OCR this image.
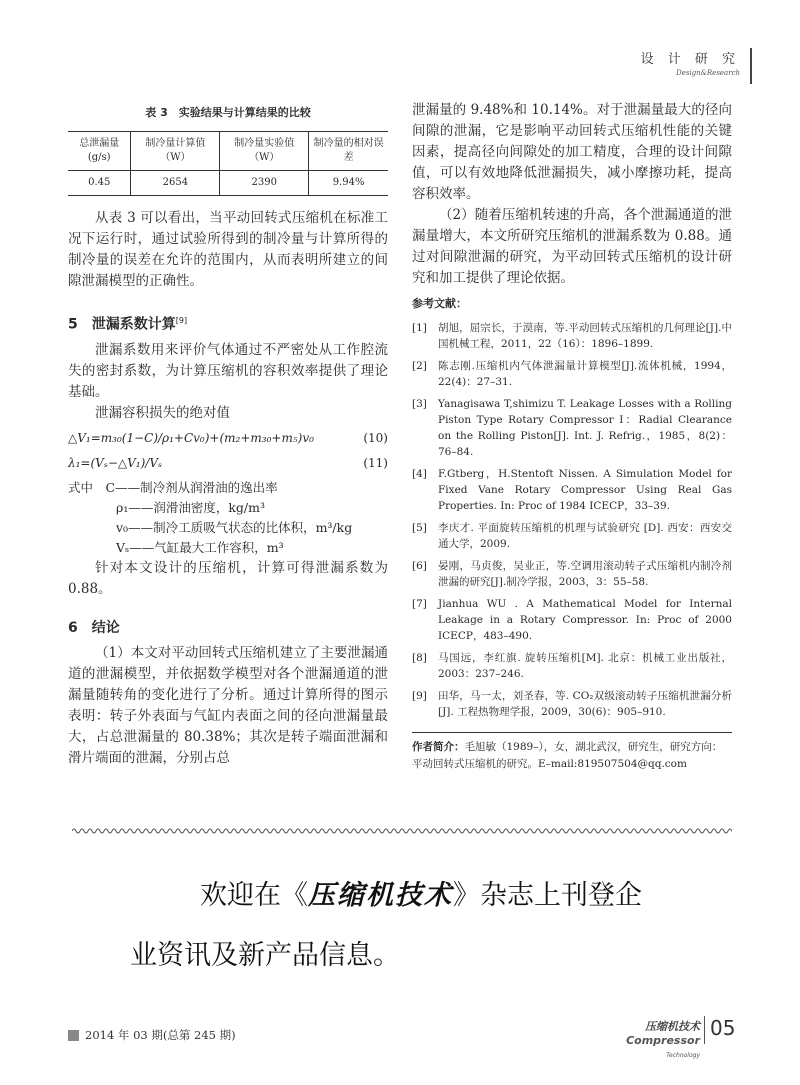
设 计 研 究
Design&Research
表 3　实验结果与计算结果的比较
总泄漏量(g/s)	制冷量计算值（W）	制冷量实验值（W）	制冷量的相对误差
0.45	2654	2390	9.94%

从表 3 可以看出，当平动回转式压缩机在标准工况下运行时，通过试验所得到的制冷量与计算所得的制冷量的误差在允许的范围内，从而表明所建立的间隙泄漏模型的正确性。

5　泄漏系数计算[9]

泄漏系数用来评价气体通过不严密处从工作腔流失的密封系数，为计算压缩机的容积效率提供了理论基础。

泄漏容积损失的绝对值

△V₁=m₃₀(1−C)/ρ₁+Cv₀)+(m₂+m₃₀+m₅)v₀	(10)
λ₁=(Vₛ−△V₁)/Vₛ	(11)
式中　C——制冷剂从润滑油的逸出率
ρ₁——润滑油密度，kg/m³
v₀——制冷工质吸气状态的比体积，m³/kg
Vₛ——气缸最大工作容积，m³

针对本文设计的压缩机，计算可得泄漏系数为 0.88。

6　结论

（1）本文对平动回转式压缩机建立了主要泄漏通道的泄漏模型，并依据数学模型对各个泄漏通道的泄漏量随转角的变化进行了分析。通过计算所得的图示表明：转子外表面与气缸内表面之间的径向泄漏量最大，占总泄漏量的 80.38%；其次是转子端面泄漏和滑片端面的泄漏，分别占总

泄漏量的 9.48%和 10.14%。对于泄漏量最大的径向间隙的泄漏，它是影响平动回转式压缩机性能的关键因素，提高径向间隙处的加工精度，合理的设计间隙值，可以有效地降低泄漏损失，减小摩擦功耗，提高容积效率。

（2）随着压缩机转速的升高，各个泄漏通道的泄漏量增大，本文所研究压缩机的泄漏系数为 0.88。通过对间隙泄漏的研究，为平动回转式压缩机的设计研究和加工提供了理论依据。

参考文献：
[1]	胡旭，屈宗长，于漠南，等.平动回转式压缩机的几何理论[J].中国机械工程，2011，22（16）：1896–1899.
[2]	陈志刚.压缩机内气体泄漏量计算模型[J].流体机械，1994，22(4)：27–31.
[3]	Yanagisawa T,shimizu T. Leakage Losses with a Rolling Piston Type Rotary Compressor Ⅰ：Radial Clearance on the Rolling Piston[J]. Int. J. Refrig.，1985，8(2)：76–84.
[4]	F.Gtberg，H.Stentoft Nissen. A Simulation Model for Fixed Vane Rotary Compressor Using Real Gas Properties. In: Proc of 1984 ICECP，33–39.
[5]	李庆才. 平面旋转压缩机的机理与试验研究 [D]. 西安：西安交通大学，2009.
[6]	晏刚，马贞俊，吴业正，等.空调用滚动转子式压缩机内制冷剂泄漏的研究[J].制冷学报，2003，3：55–58.
[7]	Jianhua WU . A Mathematical Model for Internal Leakage in a Rotary Compressor. In: Proc of 2000 ICECP，483–490.
[8]	马国远，李红旗. 旋转压缩机[M]. 北京：机械工业出版社，2003：237–246.
[9]	田华，马一太，刘圣春，等. CO₂双级滚动转子压缩机泄漏分析[J]. 工程热物理学报，2009，30(6)：905–910.
作者简介：毛旭敏（1989–），女，湖北武汉，研究生，研究方向：平动回转式压缩机的研究。E–mail:819507504@qq.com
欢迎在《压缩机技术》杂志上刊登企
业资讯及新产品信息。
2014 年 03 期(总第 245 期)
压缩机技术
Compressor Technology
05
